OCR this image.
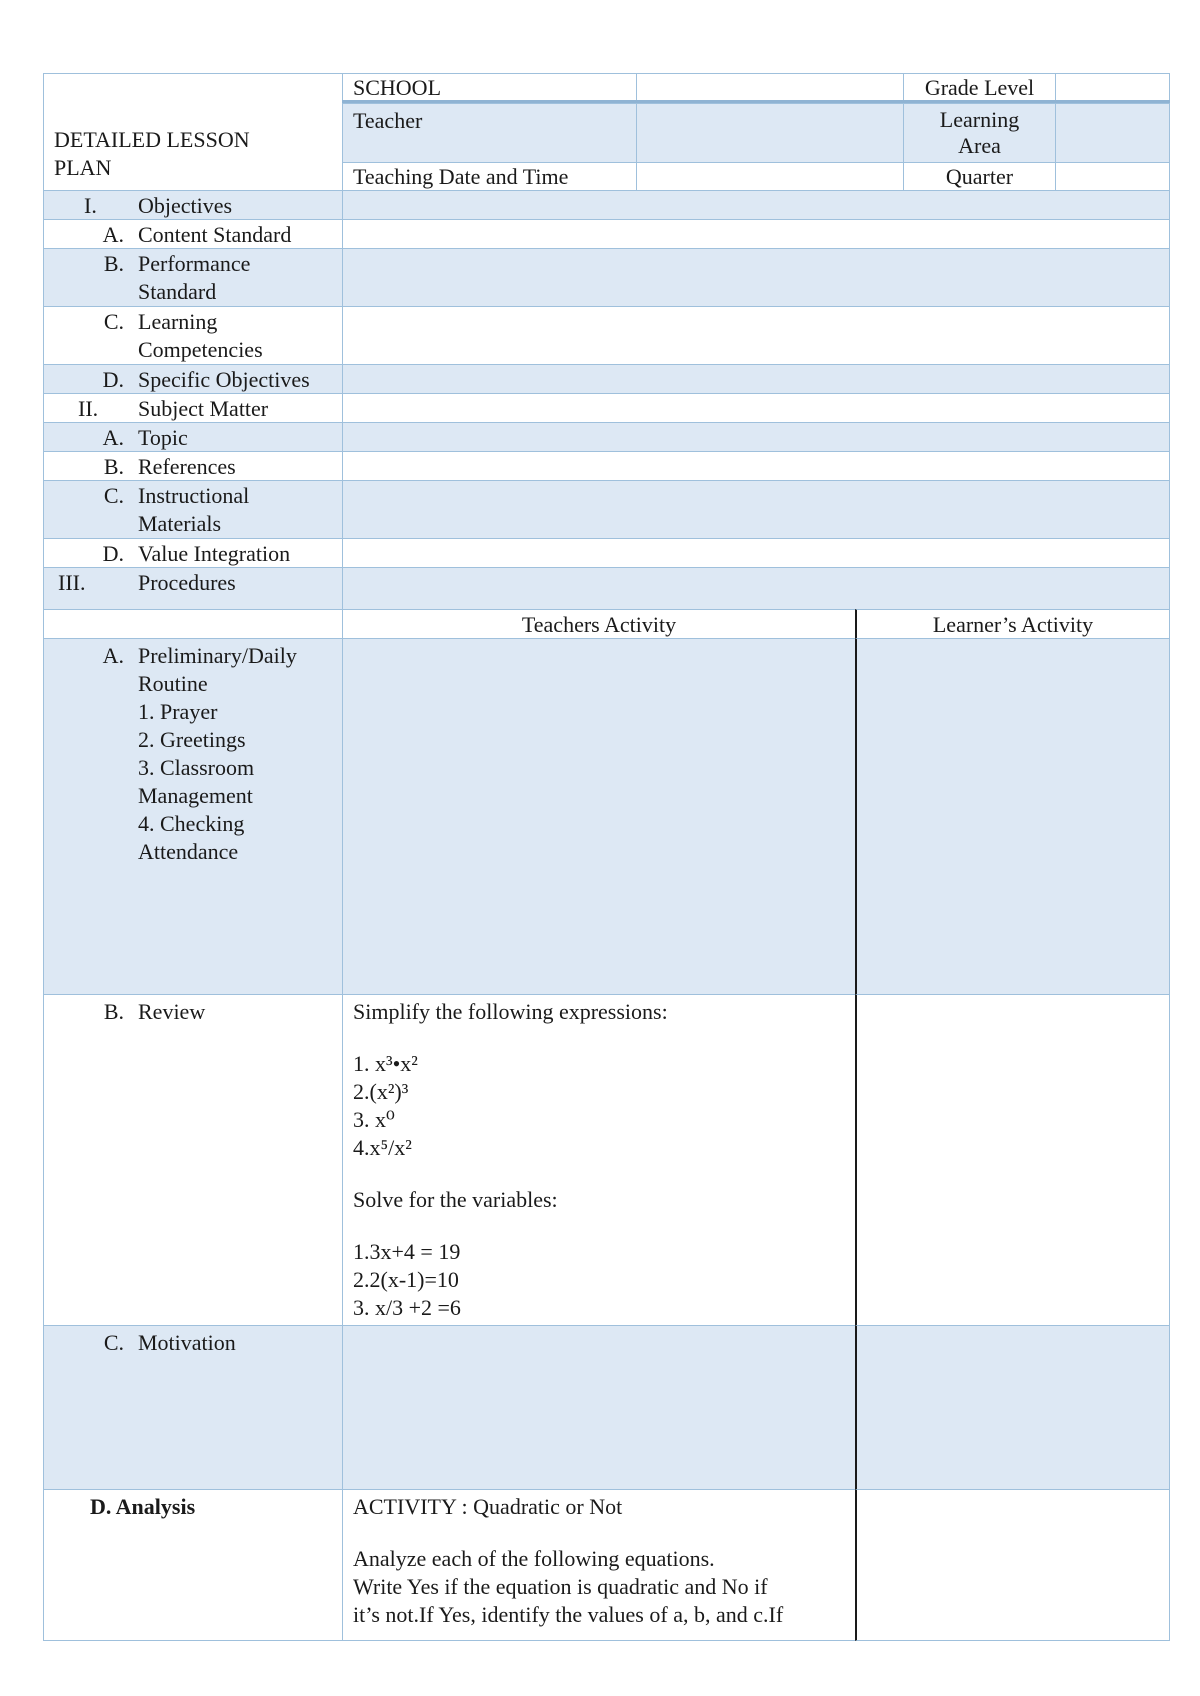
DETAILED LESSON
PLAN
SCHOOL	Grade Level
Teacher	Learning
Area
Teaching Date and Time	Quarter
I. Objectives
A. Content Standard
B. Performance
Standard
C. Learning
Competencies
D. Specific Objectives
II. Subject Matter
A. Topic
B. References
C. Instructional
Materials
D. Value Integration
III. Procedures
Teachers Activity	Learner’s Activity
A. Preliminary/Daily
Routine
1. Prayer
2. Greetings
3. Classroom
Management
4. Checking
Attendance
B. Review	Simplify the following expressions:
1. x³•x²
2.(x²)³
3. x⁰
4.x⁵/x²
Solve for the variables:
1.3x+4 = 19
2.2(x-1)=10
3. x/3 +2 =6
C. Motivation
D. Analysis	ACTIVITY : Quadratic or Not
Analyze each of the following equations.
Write Yes if the equation is quadratic and No if
it’s not.If Yes, identify the values of a, b, and c.If
